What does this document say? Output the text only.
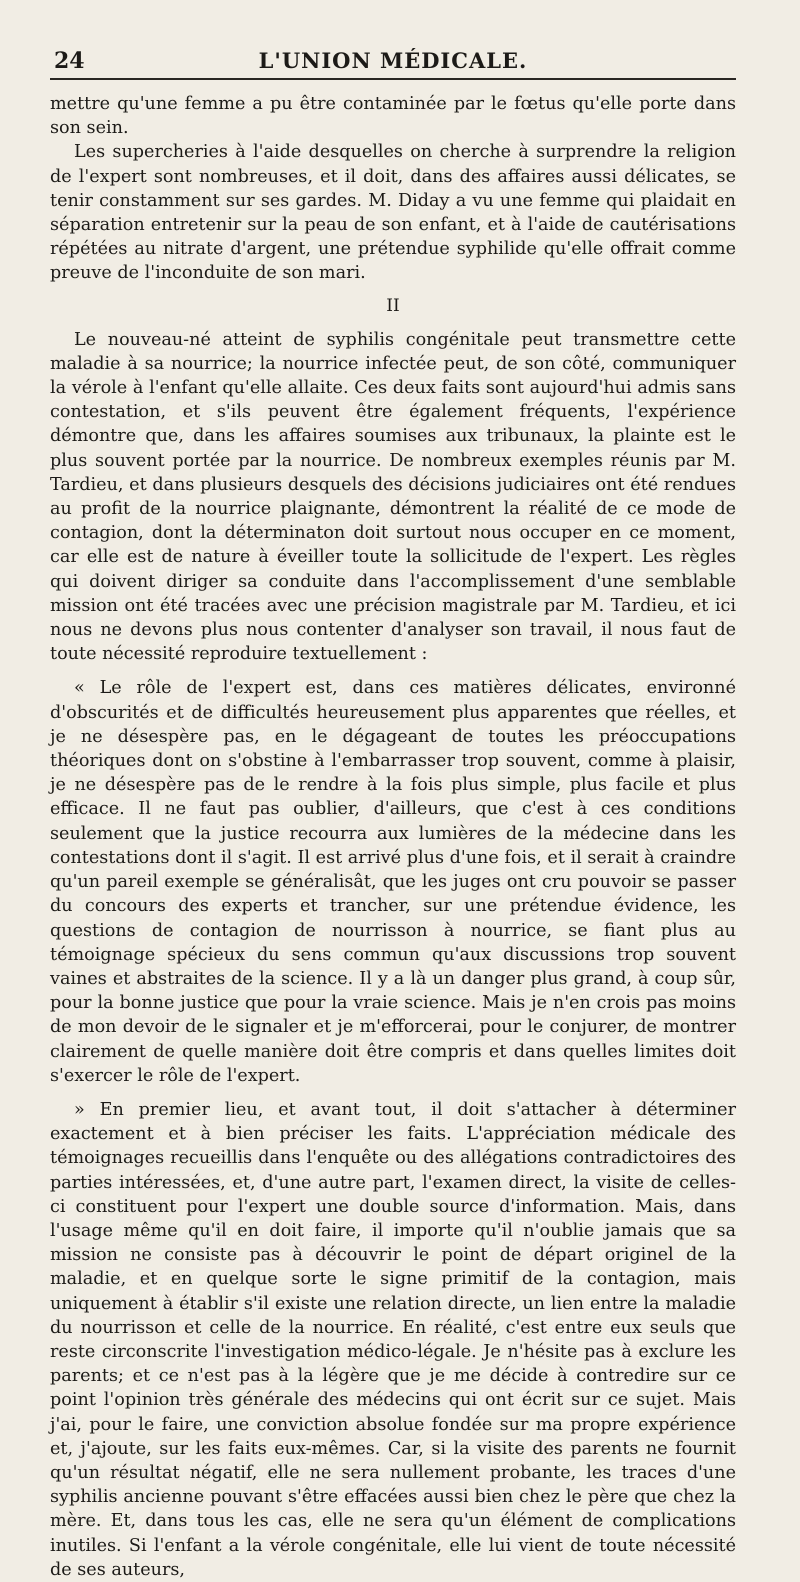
24	L'UNION MÉDICALE.

mettre qu'une femme a pu être contaminée par le fœtus qu'elle porte dans son sein.

Les supercheries à l'aide desquelles on cherche à surprendre la religion de l'expert sont nombreuses, et il doit, dans des affaires aussi délicates, se tenir constamment sur ses gardes. M. Diday a vu une femme qui plaidait en séparation entretenir sur la peau de son enfant, et à l'aide de cautérisations répétées au nitrate d'argent, une prétendue syphilide qu'elle offrait comme preuve de l'inconduite de son mari.

II

Le nouveau-né atteint de syphilis congénitale peut transmettre cette maladie à sa nourrice; la nourrice infectée peut, de son côté, communiquer la vérole à l'enfant qu'elle allaite. Ces deux faits sont aujourd'hui admis sans contestation, et s'ils peuvent être également fréquents, l'expérience démontre que, dans les affaires soumises aux tribunaux, la plainte est le plus souvent portée par la nourrice. De nombreux exemples réunis par M. Tardieu, et dans plusieurs desquels des décisions judiciaires ont été rendues au profit de la nourrice plaignante, démontrent la réalité de ce mode de contagion, dont la déterminaton doit surtout nous occuper en ce moment, car elle est de nature à éveiller toute la sollicitude de l'expert. Les règles qui doivent diriger sa conduite dans l'accomplissement d'une semblable mission ont été tracées avec une précision magistrale par M. Tardieu, et ici nous ne devons plus nous contenter d'analyser son travail, il nous faut de toute nécessité reproduire textuellement :

« Le rôle de l'expert est, dans ces matières délicates, environné d'obscurités et de difficultés heureusement plus apparentes que réelles, et je ne désespère pas, en le dégageant de toutes les préoccupations théoriques dont on s'obstine à l'embarrasser trop souvent, comme à plaisir, je ne désespère pas de le rendre à la fois plus simple, plus facile et plus efficace. Il ne faut pas oublier, d'ailleurs, que c'est à ces conditions seulement que la justice recourra aux lumières de la médecine dans les contestations dont il s'agit. Il est arrivé plus d'une fois, et il serait à craindre qu'un pareil exemple se généralisât, que les juges ont cru pouvoir se passer du concours des experts et trancher, sur une prétendue évidence, les questions de contagion de nourrisson à nourrice, se fiant plus au témoignage spécieux du sens commun qu'aux discussions trop souvent vaines et abstraites de la science. Il y a là un danger plus grand, à coup sûr, pour la bonne justice que pour la vraie science. Mais je n'en crois pas moins de mon devoir de le signaler et je m'efforcerai, pour le conjurer, de montrer clairement de quelle manière doit être compris et dans quelles limites doit s'exercer le rôle de l'expert.

» En premier lieu, et avant tout, il doit s'attacher à déterminer exactement et à bien préciser les faits. L'appréciation médicale des témoignages recueillis dans l'enquête ou des allégations contradictoires des parties intéressées, et, d'une autre part, l'examen direct, la visite de celles-ci constituent pour l'expert une double source d'information. Mais, dans l'usage même qu'il en doit faire, il importe qu'il n'oublie jamais que sa mission ne consiste pas à découvrir le point de départ originel de la maladie, et en quelque sorte le signe primitif de la contagion, mais uniquement à établir s'il existe une relation directe, un lien entre la maladie du nourrisson et celle de la nourrice. En réalité, c'est entre eux seuls que reste circonscrite l'investigation médico-légale. Je n'hésite pas à exclure les parents; et ce n'est pas à la légère que je me décide à contredire sur ce point l'opinion très générale des médecins qui ont écrit sur ce sujet. Mais j'ai, pour le faire, une conviction absolue fondée sur ma propre expérience et, j'ajoute, sur les faits eux-mêmes. Car, si la visite des parents ne fournit qu'un résultat négatif, elle ne sera nullement probante, les traces d'une syphilis ancienne pouvant s'être effacées aussi bien chez le père que chez la mère. Et, dans tous les cas, elle ne sera qu'un élément de complications inutiles. Si l'enfant a la vérole congénitale, elle lui vient de toute nécessité de ses auteurs,
